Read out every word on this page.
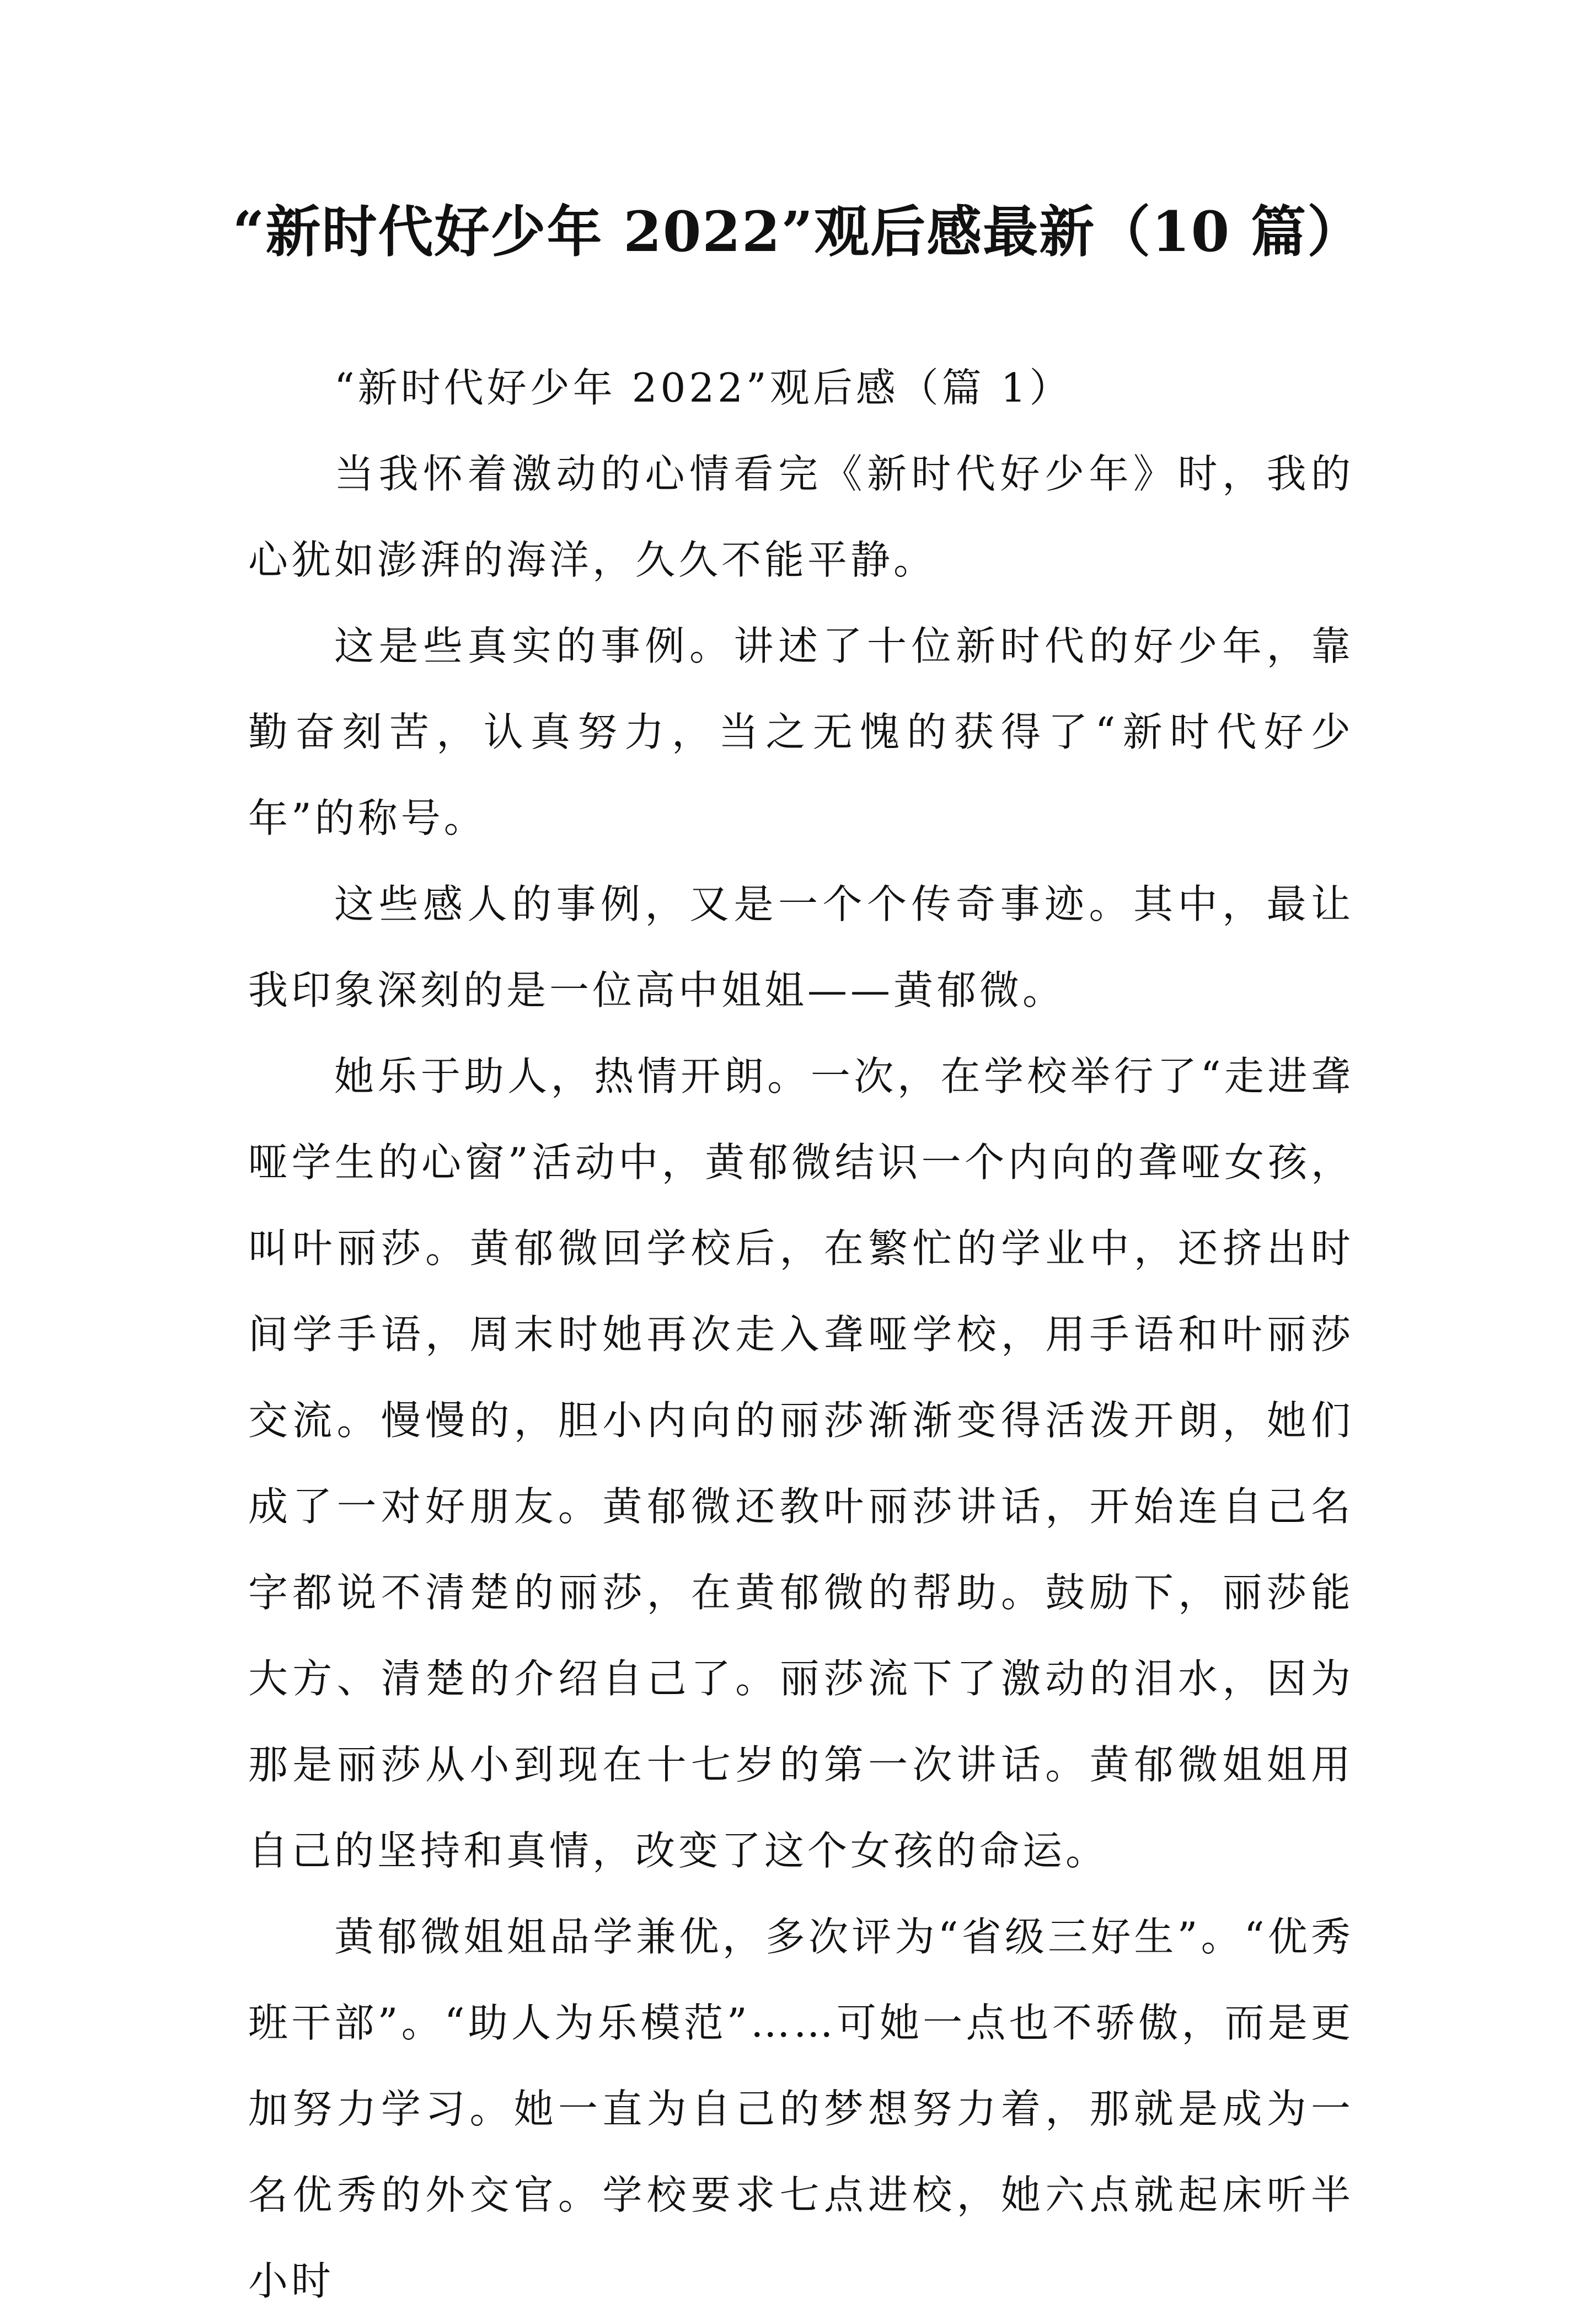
“新时代好少年 2022”观后感最新（10 篇）

“新时代好少年 2022”观后感（篇 1）

当我怀着激动的心情看完《新时代好少年》时，我的心犹如澎湃的海洋，久久不能平静。

这是些真实的事例。讲述了十位新时代的好少年，靠勤奋刻苦，认真努力，当之无愧的获得了“新时代好少年”的称号。

这些感人的事例，又是一个个传奇事迹。其中，最让我印象深刻的是一位高中姐姐——黄郁微。

她乐于助人，热情开朗。一次，在学校举行了“走进聋哑学生的心窗”活动中，黄郁微结识一个内向的聋哑女孩，叫叶丽莎。黄郁微回学校后，在繁忙的学业中，还挤出时间学手语，周末时她再次走入聋哑学校，用手语和叶丽莎交流。慢慢的，胆小内向的丽莎渐渐变得活泼开朗，她们成了一对好朋友。黄郁微还教叶丽莎讲话，开始连自己名字都说不清楚的丽莎，在黄郁微的帮助。鼓励下，丽莎能大方、清楚的介绍自己了。丽莎流下了激动的泪水，因为那是丽莎从小到现在十七岁的第一次讲话。黄郁微姐姐用自己的坚持和真情，改变了这个女孩的命运。

黄郁微姐姐品学兼优，多次评为“省级三好生”。“优秀班干部”。“助人为乐模范”……可她一点也不骄傲，而是更加努力学习。她一直为自己的梦想努力着，那就是成为一名优秀的外交官。学校要求七点进校，她六点就起床听半小时
